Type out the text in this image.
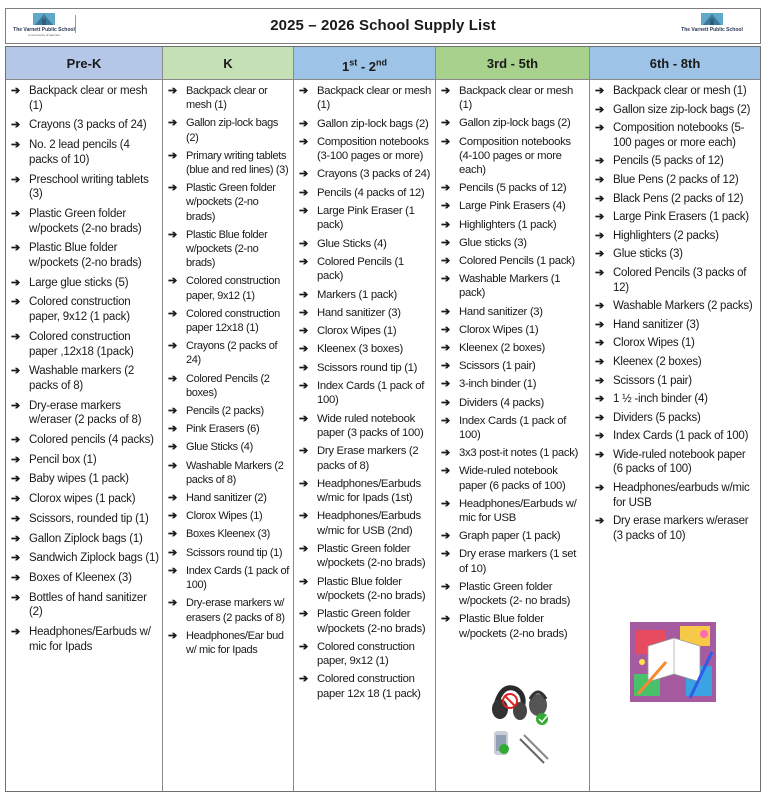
The Varnett Public School
a community of learners
2025 – 2026 School Supply List	The Varnett Public School
Pre-K
➔ Backpack clear or mesh (1)
➔ Crayons (3 packs of 24)
➔ No. 2 lead pencils (4 packs of 10)
➔ Preschool writing tablets (3)
➔ Plastic Green folder w/pockets (2-no brads)
➔ Plastic Blue folder w/pockets (2-no brads)
➔ Large glue sticks (5)
➔ Colored construction paper, 9x12 (1 pack)
➔ Colored construction paper ,12x18 (1pack)
➔ Washable markers (2 packs of 8)
➔ Dry-erase markers w/eraser (2 packs of 8)
➔ Colored pencils (4 packs)
➔ Pencil box (1)
➔ Baby wipes (1 pack)
➔ Clorox wipes (1 pack)
➔ Scissors, rounded tip (1)
➔ Gallon Ziplock bags (1)
➔ Sandwich Ziplock bags (1)
➔ Boxes of Kleenex (3)
➔ Bottles of hand sanitizer (2)
➔ Headphones/Earbuds w/ mic for Ipads
K
➔ Backpack clear or mesh (1)
➔ Gallon zip-lock bags (2)
➔ Primary writing tablets (blue and red lines) (3)
➔ Plastic Green folder w/pockets (2-no brads)
➔ Plastic Blue folder w/pockets (2-no brads)
➔ Colored construction paper, 9x12 (1)
➔ Colored construction paper 12x18 (1)
➔ Crayons (2 packs of 24)
➔ Colored Pencils (2 boxes)
➔ Pencils (2 packs)
➔ Pink Erasers (6)
➔ Glue Sticks (4)
➔ Washable Markers (2 packs of 8)
➔ Hand sanitizer (2)
➔ Clorox Wipes (1)
➔ Boxes Kleenex (3)
➔ Scissors round tip (1)
➔ Index Cards (1 pack of 100)
➔ Dry-erase markers w/ erasers (2 packs of 8)
➔ Headphones/Ear bud w/ mic for Ipads
1st - 2nd
➔ Backpack clear or mesh (1)
➔ Gallon zip-lock bags (2)
➔ Composition notebooks (3-100 pages or more)
➔ Crayons (3 packs of 24)
➔ Pencils (4 packs of 12)
➔ Large Pink Eraser (1 pack)
➔ Glue Sticks (4)
➔ Colored Pencils (1 pack)
➔ Markers (1 pack)
➔ Hand sanitizer (3)
➔ Clorox Wipes (1)
➔ Kleenex (3 boxes)
➔ Scissors round tip (1)
➔ Index Cards (1 pack of 100)
➔ Wide ruled notebook paper (3 packs of 100)
➔ Dry Erase markers (2 packs of 8)
➔ Headphones/Earbuds w/mic for Ipads (1st)
➔ Headphones/Earbuds w/mic for USB (2nd)
➔ Plastic Green folder w/pockets (2-no brads)
➔ Plastic Blue folder w/pockets (2-no brads)
➔ Plastic Green folder w/pockets (2-no brads)
➔ Colored construction paper, 9x12 (1)
➔ Colored construction paper 12x 18 (1 pack)
3rd - 5th
➔ Backpack clear or mesh (1)
➔ Gallon zip-lock bags (2)
➔ Composition notebooks (4-100 pages or more each)
➔ Pencils (5 packs of 12)
➔ Large Pink Erasers (4)
➔ Highlighters (1 pack)
➔ Glue sticks (3)
➔ Colored Pencils (1 pack)
➔ Washable Markers (1 pack)
➔ Hand sanitizer (3)
➔ Clorox Wipes (1)
➔ Kleenex (2 boxes)
➔ Scissors (1 pair)
➔ 3-inch binder (1)
➔ Dividers (4 packs)
➔ Index Cards (1 pack of 100)
➔ 3x3 post-it notes (1 pack)
➔ Wide-ruled notebook paper (6 packs of 100)
➔ Headphones/Earbuds w/ mic for USB
➔ Graph paper (1 pack)
➔ Dry erase markers (1 set of 10)
➔ Plastic Green folder w/pockets (2- no brads)
➔ Plastic Blue folder w/pockets (2-no brads)
6th - 8th
➔ Backpack clear or mesh (1)
➔ Gallon size zip-lock bags (2)
➔ Composition notebooks (5-100 pages or more each)
➔ Pencils (5 packs of 12)
➔ Blue Pens (2 packs of 12)
➔ Black Pens (2 packs of 12)
➔ Large Pink Erasers (1 pack)
➔ Highlighters (2 packs)
➔ Glue sticks (3)
➔ Colored Pencils (3 packs of 12)
➔ Washable Markers (2 packs)
➔ Hand sanitizer (3)
➔ Clorox Wipes (1)
➔ Kleenex (2 boxes)
➔ Scissors (1 pair)
➔ 1 ½ -inch binder (4)
➔ Dividers (5 packs)
➔ Index Cards (1 pack of 100)
➔ Wide-ruled notebook paper (6 packs of 100)
➔ Headphones/earbuds w/mic for USB
➔ Dry erase markers w/eraser (3 packs of 10)
